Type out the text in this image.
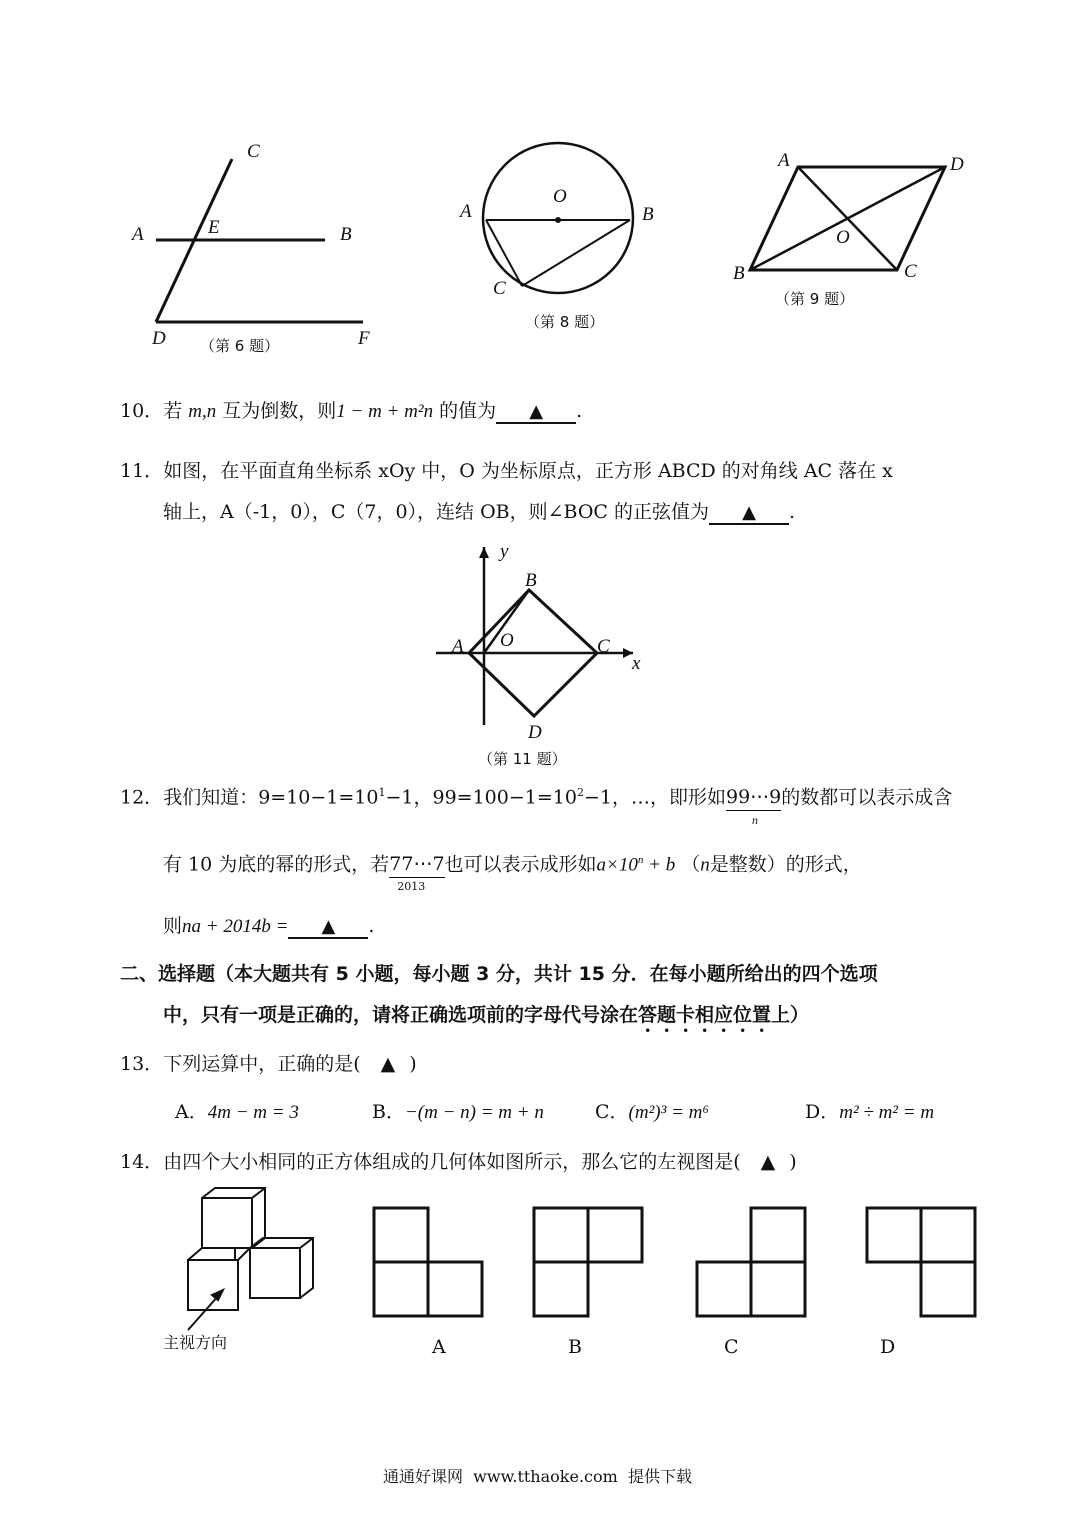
C
A	E	B
D	F
（第 6 题）
O
A	B
C
（第 8 题）
A	D
O
B	C
（第 9 题）
10．若 m,n 互为倒数，则1 − m + m²n 的值为 ▲ .
11．如图，在平面直角坐标系 xOy 中，O 为坐标原点，正方形 ABCD 的对角线 AC 落在 x
轴上，A（-1，0），C（7，0），连结 OB，则∠BOC 的正弦值为 ▲ .
y
B
A O	C
x
D
（第 11 题）
12．我们知道：$9=10-1=10^1-1$，$99=100-1=10^2-1$，…，即形如99⋯9
n
的数都可以表示成含
有 10 为底的幂的形式，若77⋯7
2013
也可以表示成形如$a\times 10^n + b$ （n是整数）的形式，
则na + 2014b = ▲ .
二、选择题（本大题共有 5 小题，每小题 3 分，共计 15 分．在每小题所给出的四个选项
中，只有一项是正确的，请将正确选项前的字母代号涂在答题卡相应位置上）
13．下列运算中，正确的是( ▲ )
A．4m − m = 3	B．−(m − n) = m + n	C．(m²)³ = m⁶	D．m² ÷ m² = m
14．由四个大小相同的正方体组成的几何体如图所示，那么它的左视图是( ▲ )
主视方向	A	B	C	D
通通好课网  www.tthaoke.com  提供下载
